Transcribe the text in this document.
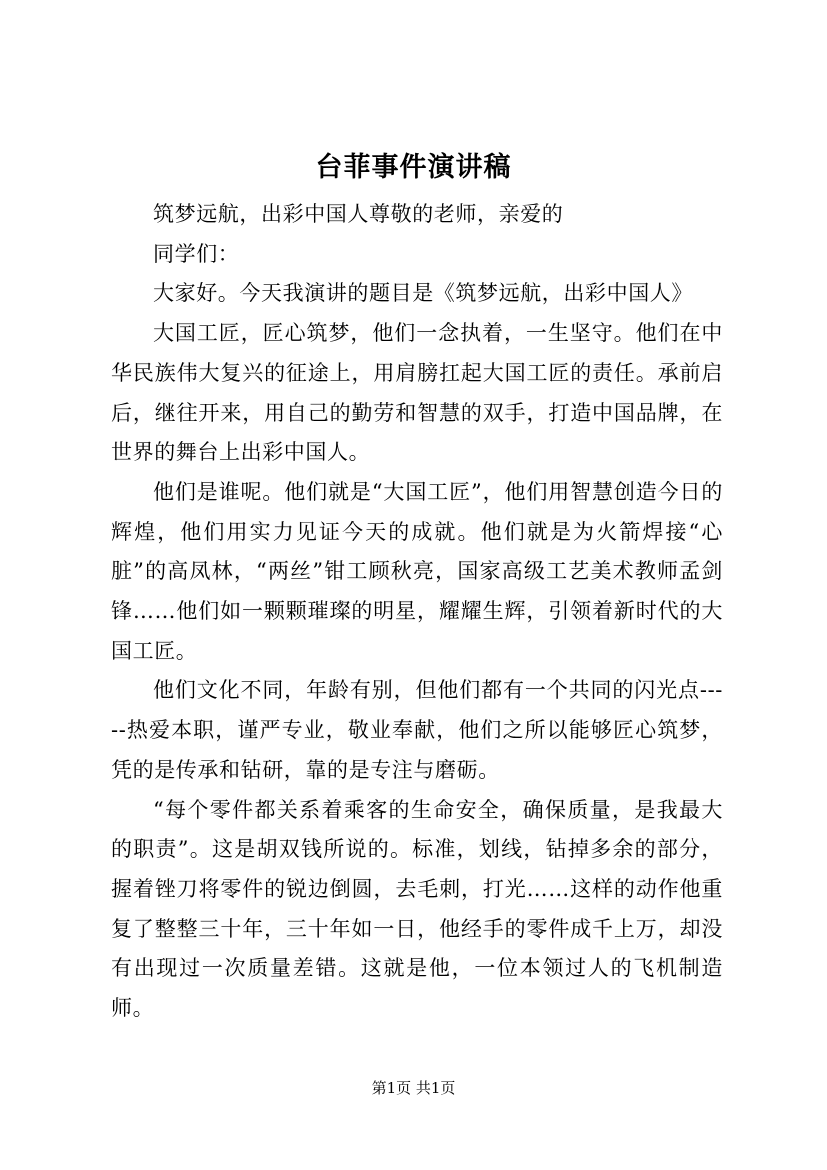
台菲事件演讲稿

筑梦远航，出彩中国人尊敬的老师，亲爱的

同学们：

大家好。今天我演讲的题目是《筑梦远航，出彩中国人》

大国工匠，匠心筑梦，他们一念执着，一生坚守。他们在中华民族伟大复兴的征途上，用肩膀扛起大国工匠的责任。承前启后，继往开来，用自己的勤劳和智慧的双手，打造中国品牌，在世界的舞台上出彩中国人。

他们是谁呢。他们就是“大国工匠”，他们用智慧创造今日的辉煌，他们用实力见证今天的成就。他们就是为火箭焊接“心脏”的高凤林，“两丝”钳工顾秋亮，国家高级工艺美术教师孟剑锋……他们如一颗颗璀璨的明星，耀耀生辉，引领着新时代的大国工匠。

他们文化不同，年龄有别，但他们都有一个共同的闪光点-----热爱本职，谨严专业，敬业奉献，他们之所以能够匠心筑梦，凭的是传承和钻研，靠的是专注与磨砺。

“每个零件都关系着乘客的生命安全，确保质量，是我最大的职责”。这是胡双钱所说的。标准，划线，钻掉多余的部分，握着锉刀将零件的锐边倒圆，去毛刺，打光……这样的动作他重复了整整三十年，三十年如一日，他经手的零件成千上万，却没有出现过一次质量差错。这就是他，一位本领过人的飞机制造师。

第1页 共1页
